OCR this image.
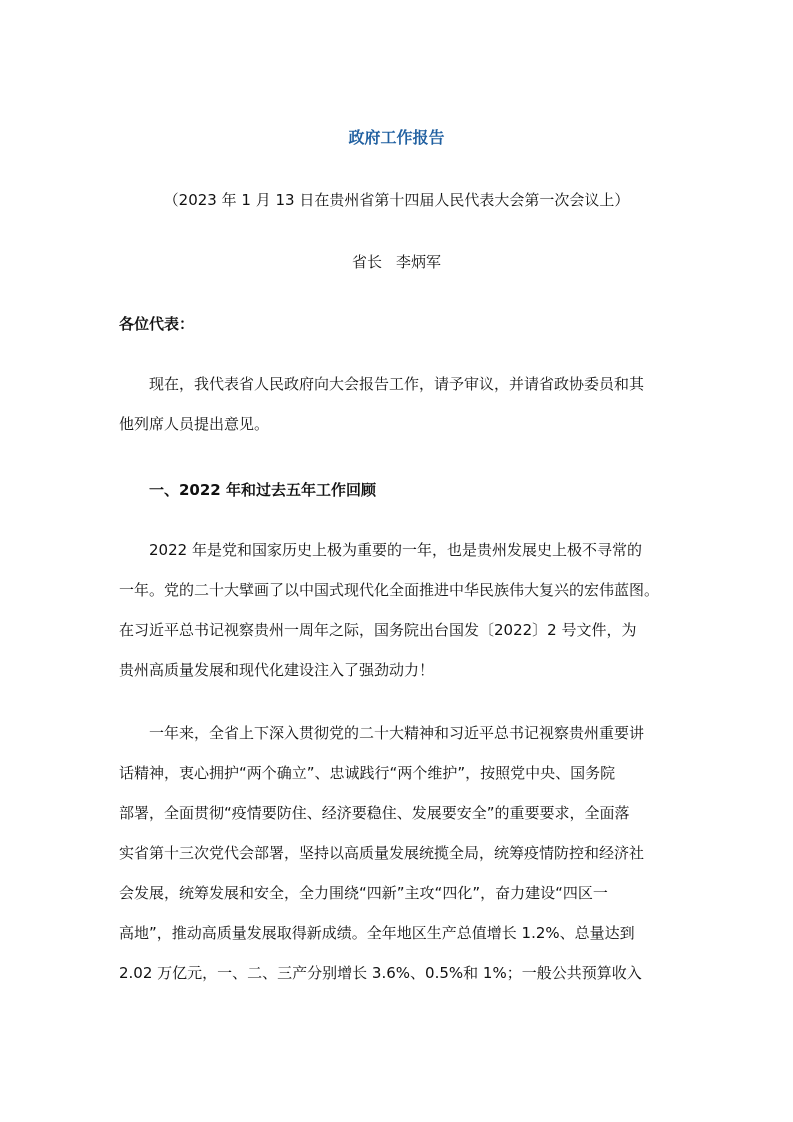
政府工作报告
（2023 年 1 月 13 日在贵州省第十四届人民代表大会第一次会议上）
省长 李炳军
各位代表：
现在，我代表省人民政府向大会报告工作，请予审议，并请省政协委员和其
他列席人员提出意见。
一、2022 年和过去五年工作回顾
2022 年是党和国家历史上极为重要的一年，也是贵州发展史上极不寻常的
一年。党的二十大擘画了以中国式现代化全面推进中华民族伟大复兴的宏伟蓝图。
在习近平总书记视察贵州一周年之际，国务院出台国发〔2022〕2 号文件，为
贵州高质量发展和现代化建设注入了强劲动力！
一年来，全省上下深入贯彻党的二十大精神和习近平总书记视察贵州重要讲
话精神，衷心拥护“两个确立”、忠诚践行“两个维护”，按照党中央、国务院
部署，全面贯彻“疫情要防住、经济要稳住、发展要安全”的重要要求，全面落
实省第十三次党代会部署，坚持以高质量发展统揽全局，统筹疫情防控和经济社
会发展，统筹发展和安全，全力围绕“四新”主攻“四化”，奋力建设“四区一
高地”，推动高质量发展取得新成绩。全年地区生产总值增长 1.2%、总量达到
2.02 万亿元，一、二、三产分别增长 3.6%、0.5%和 1%；一般公共预算收入
